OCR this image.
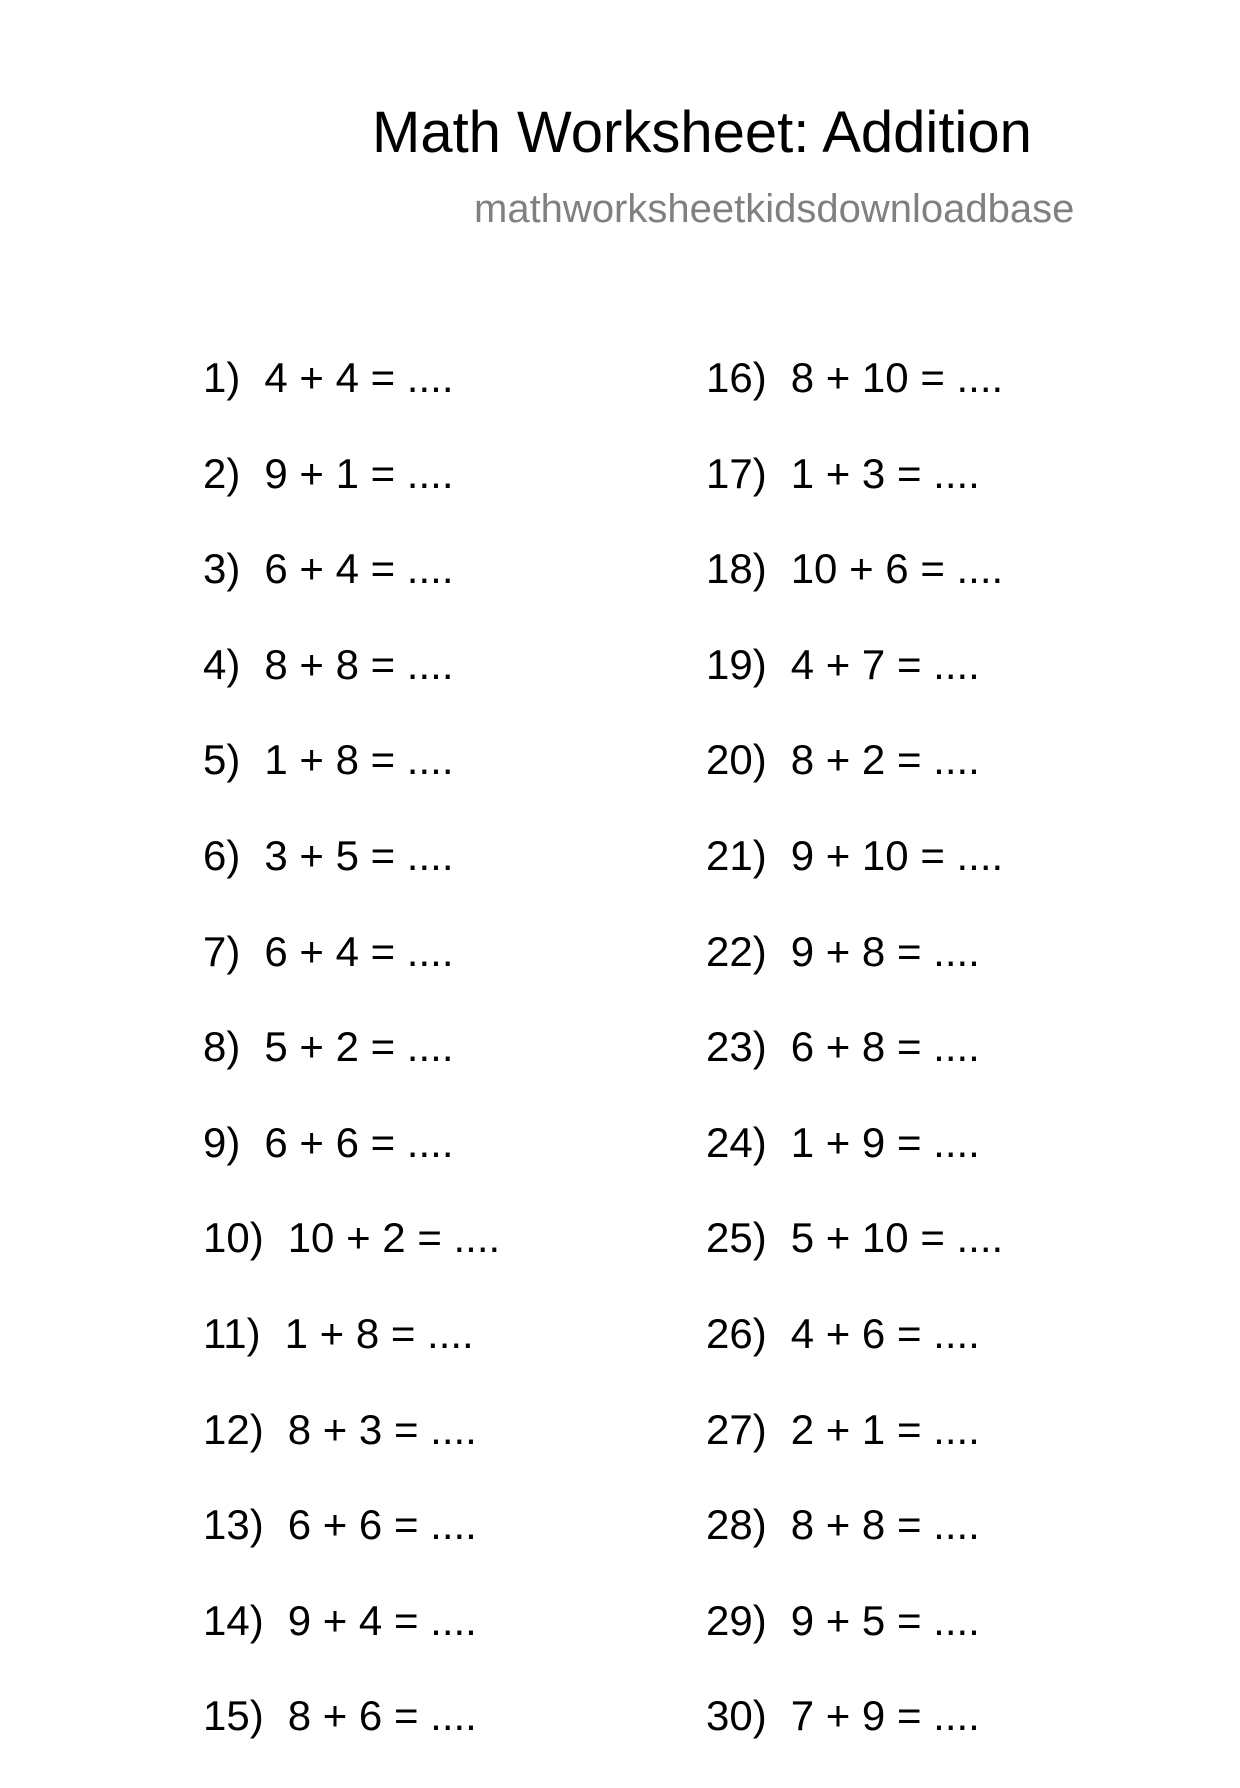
Math Worksheet: Addition
mathworksheetkidsdownloadbase
1) 4 + 4 = ....
2) 9 + 1 = ....
3) 6 + 4 = ....
4) 8 + 8 = ....
5) 1 + 8 = ....
6) 3 + 5 = ....
7) 6 + 4 = ....
8) 5 + 2 = ....
9) 6 + 6 = ....
10) 10 + 2 = ....
11) 1 + 8 = ....
12) 8 + 3 = ....
13) 6 + 6 = ....
14) 9 + 4 = ....
15) 8 + 6 = ....
16) 8 + 10 = ....
17) 1 + 3 = ....
18) 10 + 6 = ....
19) 4 + 7 = ....
20) 8 + 2 = ....
21) 9 + 10 = ....
22) 9 + 8 = ....
23) 6 + 8 = ....
24) 1 + 9 = ....
25) 5 + 10 = ....
26) 4 + 6 = ....
27) 2 + 1 = ....
28) 8 + 8 = ....
29) 9 + 5 = ....
30) 7 + 9 = ....
